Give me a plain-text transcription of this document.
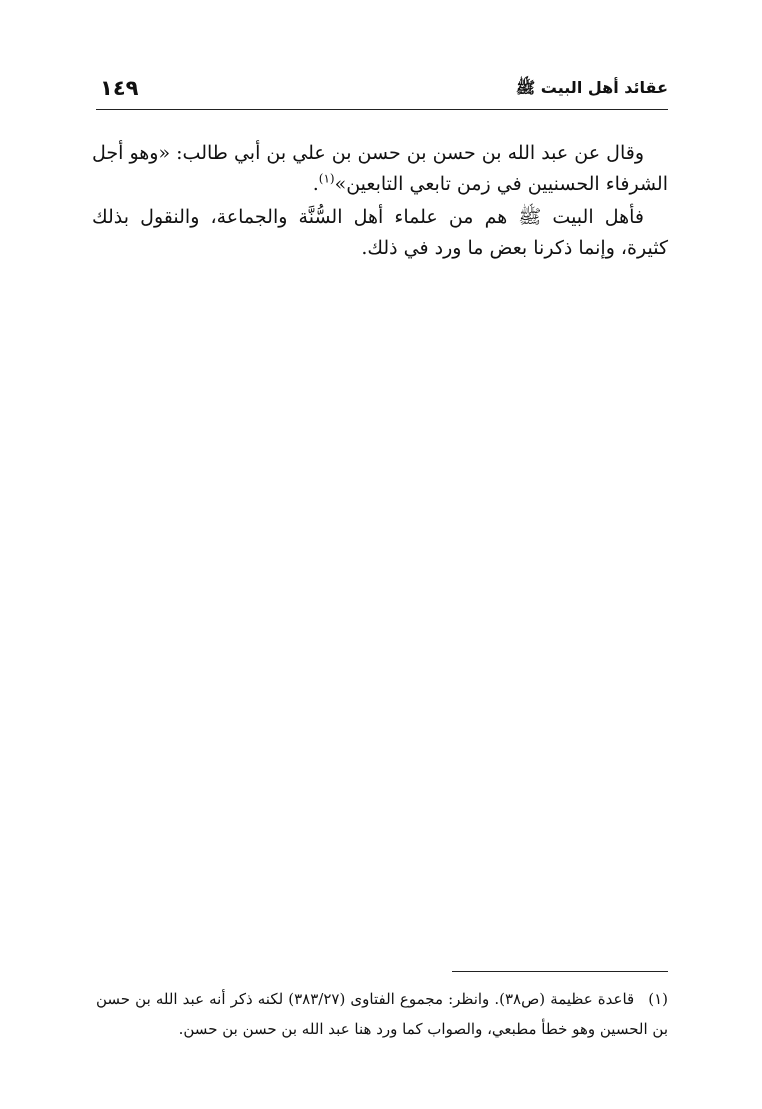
١٤٩	عقائد أهل البيت ﷺ

وقال عن عبد الله بن حسن بن حسن بن علي بن أبي طالب: «وهو أجل الشرفاء الحسنيين في زمن تابعي التابعين»$^{(١)}$.

فأهل البيت ﷺ هم من علماء أهل السُّنَّة والجماعة، والنقول بذلك كثيرة، وإنما ذكرنا بعض ما ورد في ذلك.

(١)قاعدة عظيمة (ص٣٨). وانظر: مجموع الفتاوى (٣٨٣/٢٧) لكنه ذكر أنه عبد الله بن حسن بن الحسين وهو خطأ مطبعي، والصواب كما ورد هنا عبد الله بن حسن بن حسن.
